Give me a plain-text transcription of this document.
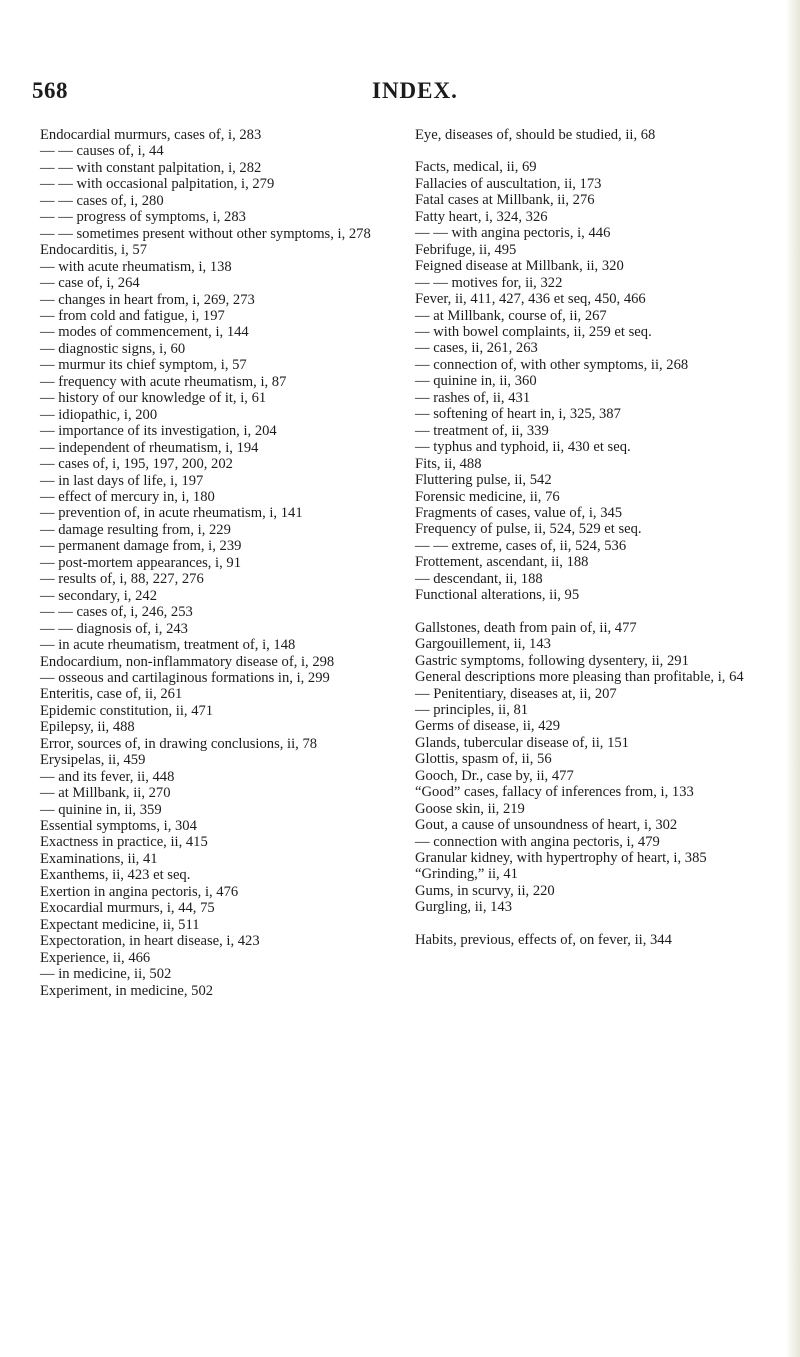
568	INDEX.
Endocardial murmurs, cases of, i, 283
— — causes of, i, 44
— — with constant palpitation, i, 282
— — with occasional palpitation, i, 279
— — cases of, i, 280
— — progress of symptoms, i, 283
— — sometimes present without other symptoms, i, 278
Endocarditis, i, 57
— with acute rheumatism, i, 138
— case of, i, 264
— changes in heart from, i, 269, 273
— from cold and fatigue, i, 197
— modes of commencement, i, 144
— diagnostic signs, i, 60
— murmur its chief symptom, i, 57
— frequency with acute rheumatism, i, 87
— history of our knowledge of it, i, 61
— idiopathic, i, 200
— importance of its investigation, i, 204
— independent of rheumatism, i, 194
— cases of, i, 195, 197, 200, 202
— in last days of life, i, 197
— effect of mercury in, i, 180
— prevention of, in acute rheumatism, i, 141
— damage resulting from, i, 229
— permanent damage from, i, 239
— post-mortem appearances, i, 91
— results of, i, 88, 227, 276
— secondary, i, 242
— — cases of, i, 246, 253
— — diagnosis of, i, 243
— in acute rheumatism, treatment of, i, 148
Endocardium, non-inflammatory disease of, i, 298
— osseous and cartilaginous formations in, i, 299
Enteritis, case of, ii, 261
Epidemic constitution, ii, 471
Epilepsy, ii, 488
Error, sources of, in drawing conclusions, ii, 78
Erysipelas, ii, 459
— and its fever, ii, 448
— at Millbank, ii, 270
— quinine in, ii, 359
Essential symptoms, i, 304
Exactness in practice, ii, 415
Examinations, ii, 41
Exanthems, ii, 423 et seq.
Exertion in angina pectoris, i, 476
Exocardial murmurs, i, 44, 75
Expectant medicine, ii, 511
Expectoration, in heart disease, i, 423
Experience, ii, 466
— in medicine, ii, 502
Experiment, in medicine, 502
Eye, diseases of, should be studied, ii, 68
Facts, medical, ii, 69
Fallacies of auscultation, ii, 173
Fatal cases at Millbank, ii, 276
Fatty heart, i, 324, 326
— — with angina pectoris, i, 446
Febrifuge, ii, 495
Feigned disease at Millbank, ii, 320
— — motives for, ii, 322
Fever, ii, 411, 427, 436 et seq, 450, 466
— at Millbank, course of, ii, 267
— with bowel complaints, ii, 259 et seq.
— cases, ii, 261, 263
— connection of, with other symptoms, ii, 268
— quinine in, ii, 360
— rashes of, ii, 431
— softening of heart in, i, 325, 387
— treatment of, ii, 339
— typhus and typhoid, ii, 430 et seq.
Fits, ii, 488
Fluttering pulse, ii, 542
Forensic medicine, ii, 76
Fragments of cases, value of, i, 345
Frequency of pulse, ii, 524, 529 et seq.
— — extreme, cases of, ii, 524, 536
Frottement, ascendant, ii, 188
— descendant, ii, 188
Functional alterations, ii, 95
Gallstones, death from pain of, ii, 477
Gargouillement, ii, 143
Gastric symptoms, following dysentery, ii, 291
General descriptions more pleasing than profitable, i, 64
— Penitentiary, diseases at, ii, 207
— principles, ii, 81
Germs of disease, ii, 429
Glands, tubercular disease of, ii, 151
Glottis, spasm of, ii, 56
Gooch, Dr., case by, ii, 477
“Good” cases, fallacy of inferences from, i, 133
Goose skin, ii, 219
Gout, a cause of unsoundness of heart, i, 302
— connection with angina pectoris, i, 479
Granular kidney, with hypertrophy of heart, i, 385
“Grinding,” ii, 41
Gums, in scurvy, ii, 220
Gurgling, ii, 143
Habits, previous, effects of, on fever, ii, 344
